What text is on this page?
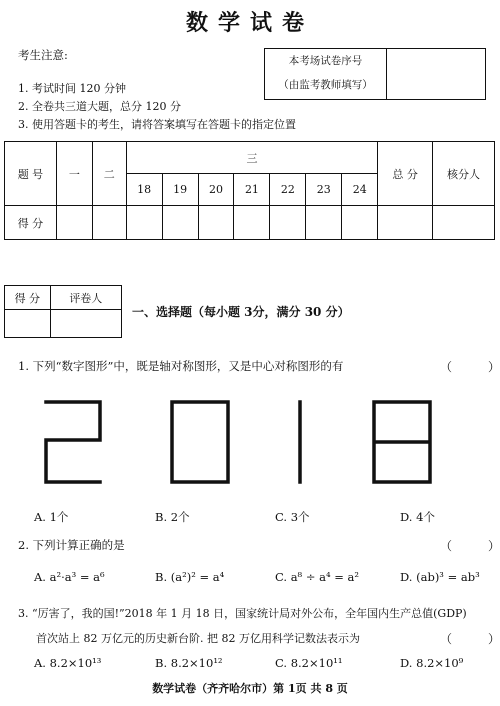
数学试卷
考生注意:
1. 考试时间 120 分钟
2. 全卷共三道大题，总分 120 分
3. 使用答题卡的考生，请将答案填写在答题卡的指定位置
本考场试卷序号
（由监考教师填写）
题 号	一	二	三							总 分	核分人
			18	19	20	21	22	23	24		
得 分											
得 分	评卷人

一、选择题（每小题 3分，满分 30 分）
1. 下列“数字图形”中，既是轴对称图形，又是中心对称图形的有	（　　　）
A. 1个	B. 2个	C. 3个	D. 4个
2. 下列计算正确的是	（　　　）
A. a²·a³ = a⁶	B. (a²)² = a⁴	C. a⁸ ÷ a⁴ = a²	D. (ab)³ = ab³
3. “厉害了，我的国!”2018 年 1 月 18 日，国家统计局对外公布，全年国内生产总值(GDP)
首次站上 82 万亿元的历史新台阶. 把 82 万亿用科学记数法表示为	（　　　）
A. 8.2×10¹³	B. 8.2×10¹²	C. 8.2×10¹¹	D. 8.2×10⁹
数学试卷（齐齐哈尔市）第 1页 共 8 页
